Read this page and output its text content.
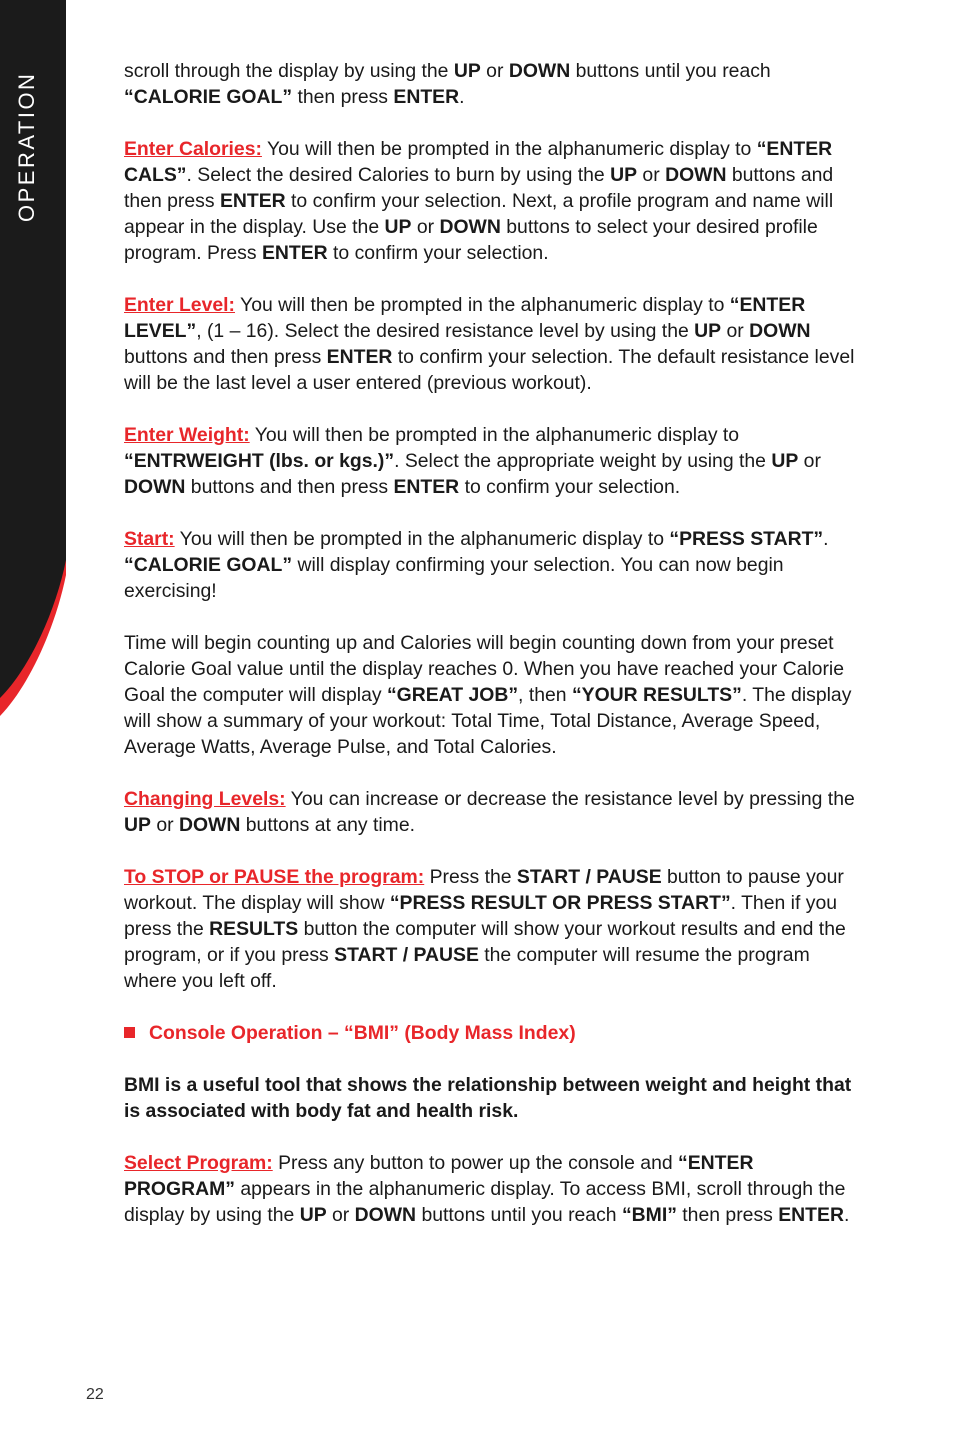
OPERATION

scroll through the display by using the UP or DOWN buttons until you reach “CALORIE GOAL” then press ENTER.

Enter Calories: You will then be prompted in the alphanumeric display to “ENTER CALS”. Select the desired Calories to burn by using the UP or DOWN buttons and then press ENTER to confirm your selection. Next, a profile program and name will appear in the display. Use the UP or DOWN buttons to select your desired profile program. Press ENTER to confirm your selection.

Enter Level: You will then be prompted in the alphanumeric display to “ENTER LEVEL”, (1 – 16). Select the desired resistance level by using the UP or DOWN buttons and then press ENTER to confirm your selection. The default resistance level will be the last level a user entered (previous workout).

Enter Weight: You will then be prompted in the alphanumeric display to “ENTRWEIGHT (lbs. or kgs.)”. Select the appropriate weight by using the UP or DOWN buttons and then press ENTER to confirm your selection.

Start: You will then be prompted in the alphanumeric display to “PRESS START”. “CALORIE GOAL” will display confirming your selection. You can now begin exercising!

Time will begin counting up and Calories will begin counting down from your preset Calorie Goal value until the display reaches 0. When you have reached your Calorie Goal the computer will display “GREAT JOB”, then “YOUR RESULTS”. The display will show a summary of your workout: Total Time, Total Distance, Average Speed, Average Watts, Average Pulse, and Total Calories.

Changing Levels: You can increase or decrease the resistance level by pressing the UP or DOWN buttons at any time.

To STOP or PAUSE the program: Press the START / PAUSE button to pause your workout. The display will show “PRESS RESULT OR PRESS START”. Then if you press the RESULTS button the computer will show your workout results and end the program, or if you press START / PAUSE the computer will resume the program where you left off.

Console Operation – “BMI” (Body Mass Index)

BMI is a useful tool that shows the relationship between weight and height that is associated with body fat and health risk.

Select Program: Press any button to power up the console and “ENTER PROGRAM” appears in the alphanumeric display. To access BMI, scroll through the display by using the UP or DOWN buttons until you reach “BMI” then press ENTER.

22
